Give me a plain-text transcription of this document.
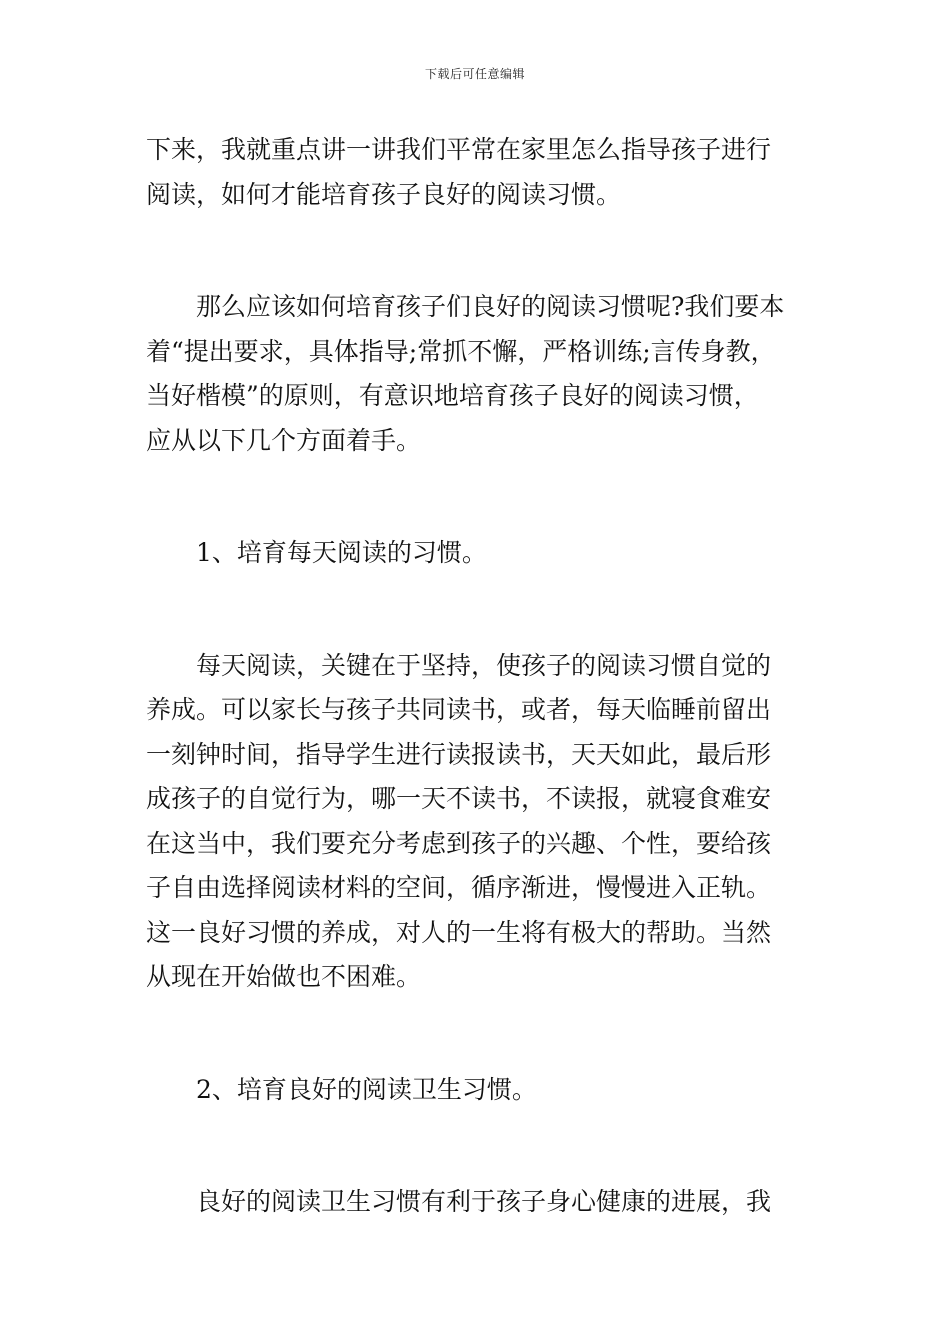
下载后可任意编辑
下来，我就重点讲一讲我们平常在家里怎么指导孩子进行
阅读，如何才能培育孩子良好的阅读习惯。
那么应该如何培育孩子们良好的阅读习惯呢?我们要本
着“提出要求，具体指导;常抓不懈，严格训练;言传身教，
当好楷模”的原则，有意识地培育孩子良好的阅读习惯，
应从以下几个方面着手。
1、培育每天阅读的习惯。
每天阅读，关键在于坚持，使孩子的阅读习惯自觉的
养成。可以家长与孩子共同读书，或者，每天临睡前留出
一刻钟时间，指导学生进行读报读书，天天如此，最后形
成孩子的自觉行为，哪一天不读书，不读报，就寝食难安
在这当中，我们要充分考虑到孩子的兴趣、个性，要给孩
子自由选择阅读材料的空间，循序渐进，慢慢进入正轨。
这一良好习惯的养成，对人的一生将有极大的帮助。当然
从现在开始做也不困难。
2、培育良好的阅读卫生习惯。
良好的阅读卫生习惯有利于孩子身心健康的进展，我
